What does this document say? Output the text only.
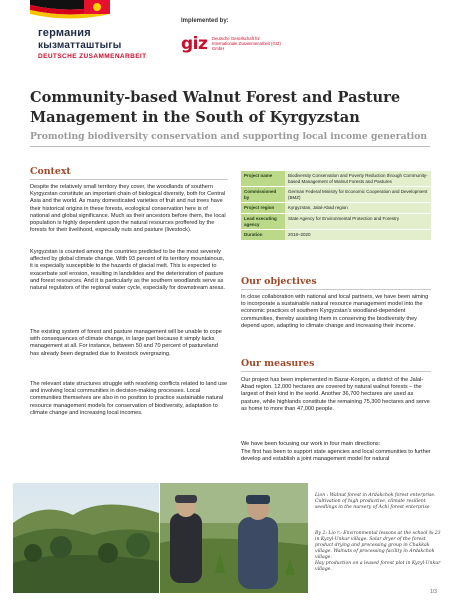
германия
кызматташтыгы
DEUTSCHE ZUSAMMENARBEIT
Implemented by:
giz Deutsche Gesellschaft für Internationale Zusammenarbeit (GIZ) GmbH
Community-based Walnut Forest and Pasture Management in the South of Kyrgyzstan
Promoting biodiversity conservation and supporting local income generation
Context
Despite the relatively small territory they cover, the woodlands of southern Kyrgyzstan constitute an important chain of biological diversity, both for Central Asia and the world. As many domesticated varieties of fruit and nut trees have their historical origins in these forests, ecological conservation here is of national and global significance. Much as their ancestors before them, the local population is highly dependent upon the natural resources proffered by the forests for their livelihood, especially nuts and pasture (livestock).
Kyrgyzstan is counted among the countries predicted to be the most severely affected by global climate change. With 93 percent of its territory mountainous, it is especially susceptible to the hazards of glacial melt. This is expected to exacerbate soil erosion, resulting in landslides and the deterioration of pasture and forest resources. And it is particularly as the southern woodlands serve as natural regulators of the regional water cycle, especially for downstream areas.
The existing system of forest and pasture management will be unable to cope with consequences of climate change, in large part because it simply lacks management at all. For instance, between 50 and 70 percent of pastureland has already been degraded due to livestock overgrazing.
The relevant state structures struggle with resolving conflicts related to land use and involving local communities in decision-making processes. Local communities themselves are also in no position to practice sustainable natural resource management models for conservation of biodiversity, adaptation to climate change and increasing local incomes.
Project name	Biodiversity Conservation and Poverty Reduction through Community-based Management of Walnut Forests and Pastures
Commissioned by	German Federal Ministry for Economic Cooperation and Development (BMZ)
Project region	Kyrgyzstan, Jalal-Abad region
Lead executing agency	State Agency for Environmental Protection and Forestry
Duration	2018–2020
Our objectives
In close collaboration with national and local partners, we have been aiming to incorporate a sustainable natural resource management model into the economic practices of southern Kyrgyzstan's woodland-dependent communities, thereby assisting them in conserving the biodiversity they depend upon, adapting to climate change and increasing their income.
Our measures
Our project has been implemented in Bazar-Korgon, a district of the Jalal-Abad region. 12,000 hectares are covered by natural walnut forests – the largest of their kind in the world. Another 36,700 hectares are used as pasture, while highlands constitute the remaining 75,300 hectares and serve as home to more than 47,000 people.
We have been focusing our work in four main directions:
The first has been to support state agencies and local communities to further develop and establish a joint management model for natural
Lion : Walnut forest in Ardakchok forest enterprise. Cultivation of high productive, climate resilient seedlings in the nursery of Achi forest enterprise
By 2: Lio r.: Environmental lessons at the school № 23 in Kyzyl-Unkur village. Solar dryer of the forest product drying and processing group in Chakkak village. Walnuts of processing facility in Ardakchok village.
Hay production on a leased forest plot in Kyzyl-Unkur village.
1/3
